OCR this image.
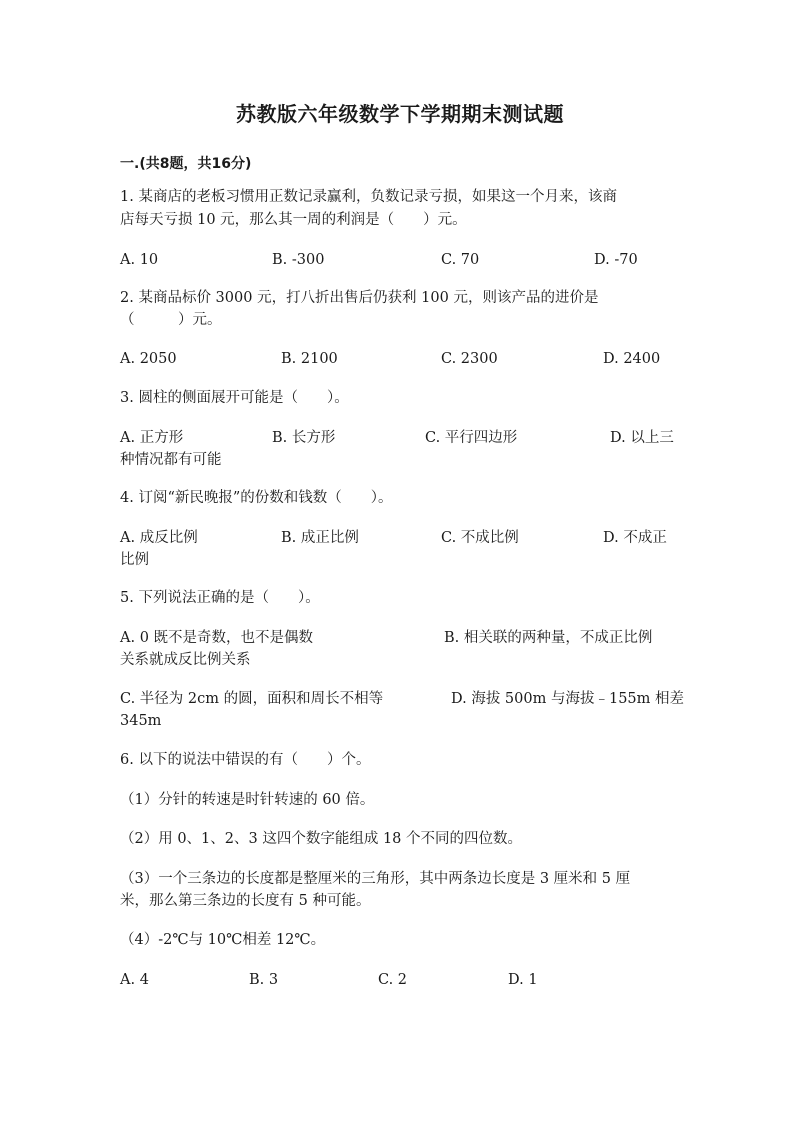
苏教版六年级数学下学期期末测试题
一.(共8题，共16分)
1. 某商店的老板习惯用正数记录赢利，负数记录亏损，如果这一个月来，该商
店每天亏损 10 元，那么其一周的利润是（　　）元。
A. 10	B. -300	C. 70	D. -70
2. 某商品标价 3000 元，打八折出售后仍获利 100 元，则该产品的进价是
（　　　）元。
A. 2050	B. 2100	C. 2300	D. 2400
3. 圆柱的侧面展开可能是（　　）。
A. 正方形	B. 长方形	C. 平行四边形	D. 以上三
种情况都有可能
4. 订阅“新民晚报”的份数和钱数（　　）。
A. 成反比例	B. 成正比例	C. 不成比例	D. 不成正
比例
5. 下列说法正确的是（　　）。
A. 0 既不是奇数，也不是偶数	B. 相关联的两种量，不成正比例
关系就成反比例关系
C. 半径为 2cm 的圆，面积和周长不相等	D. 海拔 500m 与海拔﹣155m 相差
345m
6. 以下的说法中错误的有（　　）个。
（1）分针的转速是时针转速的 60 倍。
（2）用 0、1、2、3 这四个数字能组成 18 个不同的四位数。
（3）一个三条边的长度都是整厘米的三角形，其中两条边长度是 3 厘米和 5 厘
米，那么第三条边的长度有 5 种可能。
（4）-2℃与 10℃相差 12℃。
A. 4	B. 3	C. 2	D. 1
